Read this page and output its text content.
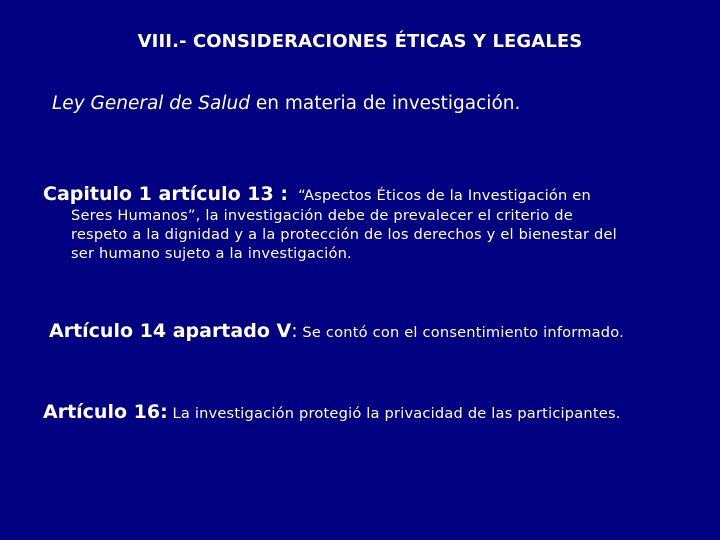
VIII.- CONSIDERACIONES ÉTICAS Y LEGALES
Ley General de Salud en materia de investigación.
Capitulo 1 artículo 13 : “Aspectos Éticos de la Investigación en
Seres Humanos”, la investigación debe de prevalecer el criterio de
respeto a la dignidad y a la protección de los derechos y el bienestar del
ser humano sujeto a la investigación.
Artículo 14 apartado V: Se contó con el consentimiento informado.
Artículo 16: La investigación protegió la privacidad de las participantes.
